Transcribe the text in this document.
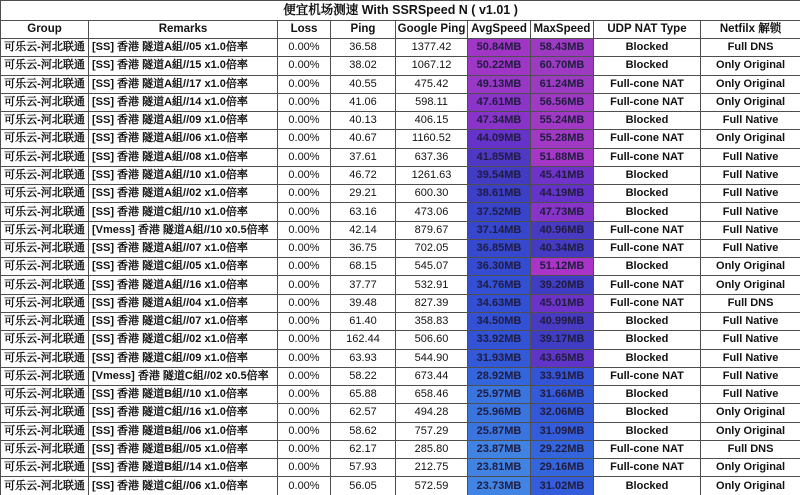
便宜机场测速 With SSRSpeed N ( v1.01 )								
Group	Remarks	Loss	Ping	Google Ping	AvgSpeed	MaxSpeed	UDP NAT Type	Netfilx 解锁
可乐云-河北联通	[SS] 香港 隧道A組//05 x1.0倍率	0.00%	36.58	1377.42	50.84MB	58.43MB	Blocked	Full DNS
可乐云-河北联通	[SS] 香港 隧道A組//15 x1.0倍率	0.00%	38.02	1067.12	50.22MB	60.70MB	Blocked	Only Original
可乐云-河北联通	[SS] 香港 隧道A組//17 x1.0倍率	0.00%	40.55	475.42	49.13MB	61.24MB	Full-cone NAT	Only Original
可乐云-河北联通	[SS] 香港 隧道A組//14 x1.0倍率	0.00%	41.06	598.11	47.61MB	56.56MB	Full-cone NAT	Only Original
可乐云-河北联通	[SS] 香港 隧道A組//09 x1.0倍率	0.00%	40.13	406.15	47.34MB	55.24MB	Blocked	Full Native
可乐云-河北联通	[SS] 香港 隧道A組//06 x1.0倍率	0.00%	40.67	1160.52	44.09MB	55.28MB	Full-cone NAT	Only Original
可乐云-河北联通	[SS] 香港 隧道A組//08 x1.0倍率	0.00%	37.61	637.36	41.85MB	51.88MB	Full-cone NAT	Full Native
可乐云-河北联通	[SS] 香港 隧道A組//10 x1.0倍率	0.00%	46.72	1261.63	39.54MB	45.41MB	Blocked	Full Native
可乐云-河北联通	[SS] 香港 隧道A組//02 x1.0倍率	0.00%	29.21	600.30	38.61MB	44.19MB	Blocked	Full Native
可乐云-河北联通	[SS] 香港 隧道C組//10 x1.0倍率	0.00%	63.16	473.06	37.52MB	47.73MB	Blocked	Full Native
可乐云-河北联通	[Vmess] 香港 隧道A組//10 x0.5倍率	0.00%	42.14	879.67	37.14MB	40.96MB	Full-cone NAT	Full Native
可乐云-河北联通	[SS] 香港 隧道A組//07 x1.0倍率	0.00%	36.75	702.05	36.85MB	40.34MB	Full-cone NAT	Full Native
可乐云-河北联通	[SS] 香港 隧道C組//05 x1.0倍率	0.00%	68.15	545.07	36.30MB	51.12MB	Blocked	Only Original
可乐云-河北联通	[SS] 香港 隧道A組//16 x1.0倍率	0.00%	37.77	532.91	34.76MB	39.20MB	Full-cone NAT	Only Original
可乐云-河北联通	[SS] 香港 隧道A組//04 x1.0倍率	0.00%	39.48	827.39	34.63MB	45.01MB	Full-cone NAT	Full DNS
可乐云-河北联通	[SS] 香港 隧道C組//07 x1.0倍率	0.00%	61.40	358.83	34.50MB	40.99MB	Blocked	Full Native
可乐云-河北联通	[SS] 香港 隧道C組//02 x1.0倍率	0.00%	162.44	506.60	33.92MB	39.17MB	Blocked	Full Native
可乐云-河北联通	[SS] 香港 隧道C組//09 x1.0倍率	0.00%	63.93	544.90	31.93MB	43.65MB	Blocked	Full Native
可乐云-河北联通	[Vmess] 香港 隧道C組//02 x0.5倍率	0.00%	58.22	673.44	28.92MB	33.91MB	Full-cone NAT	Full Native
可乐云-河北联通	[SS] 香港 隧道B組//10 x1.0倍率	0.00%	65.88	658.46	25.97MB	31.66MB	Blocked	Full Native
可乐云-河北联通	[SS] 香港 隧道C組//16 x1.0倍率	0.00%	62.57	494.28	25.96MB	32.06MB	Blocked	Only Original
可乐云-河北联通	[SS] 香港 隧道B組//06 x1.0倍率	0.00%	58.62	757.29	25.87MB	31.09MB	Blocked	Only Original
可乐云-河北联通	[SS] 香港 隧道B組//05 x1.0倍率	0.00%	62.17	285.80	23.87MB	29.22MB	Full-cone NAT	Full DNS
可乐云-河北联通	[SS] 香港 隧道B組//14 x1.0倍率	0.00%	57.93	212.75	23.81MB	29.16MB	Full-cone NAT	Only Original
可乐云-河北联通	[SS] 香港 隧道C組//06 x1.0倍率	0.00%	56.05	572.59	23.73MB	31.02MB	Blocked	Only Original
